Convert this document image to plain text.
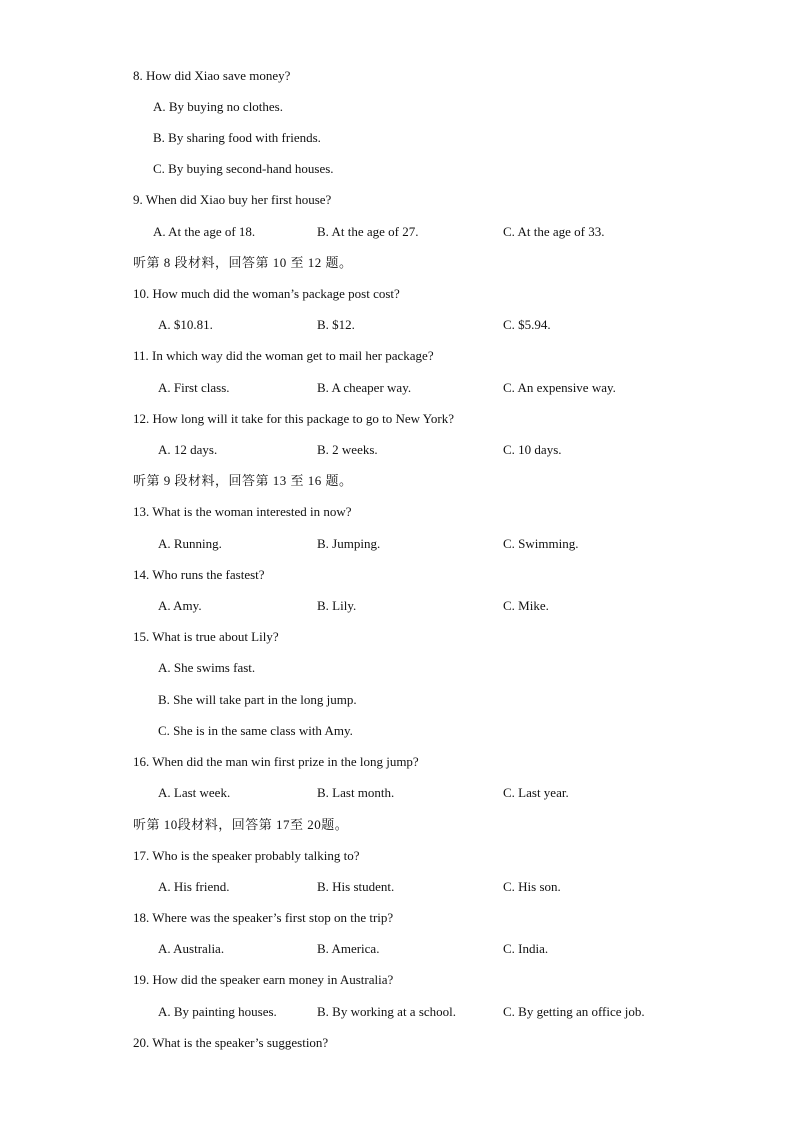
8. How did Xiao save money?
A. By buying no clothes.
B. By sharing food with friends.
C. By buying second-hand houses.
9. When did Xiao buy her first house?
A. At the age of 18.	B. At the age of 27.	C. At the age of 33.
听第 8 段材料，回答第 10 至 12 题。
10. How much did the woman’s package post cost?
A. $10.81.	B. $12.	C. $5.94.
11. In which way did the woman get to mail her package?
A. First class.	B. A cheaper way.	C. An expensive way.
12. How long will it take for this package to go to New York?
A. 12 days.	B. 2 weeks.	C. 10 days.
听第 9 段材料，回答第 13 至 16 题。
13. What is the woman interested in now?
A. Running.	B. Jumping.	C. Swimming.
14. Who runs the fastest?
A. Amy.	B. Lily.	C. Mike.
15. What is true about Lily?
A. She swims fast.
B. She will take part in the long jump.
C. She is in the same class with Amy.
16. When did the man win first prize in the long jump?
A. Last week.	B. Last month.	C. Last year.
听第 10段材料，回答第 17至 20题。
17. Who is the speaker probably talking to?
A. His friend.	B. His student.	C. His son.
18. Where was the speaker’s first stop on the trip?
A. Australia.	B. America.	C. India.
19. How did the speaker earn money in Australia?
A. By painting houses.	B. By working at a school.	C. By getting an office job.
20. What is the speaker’s suggestion?
